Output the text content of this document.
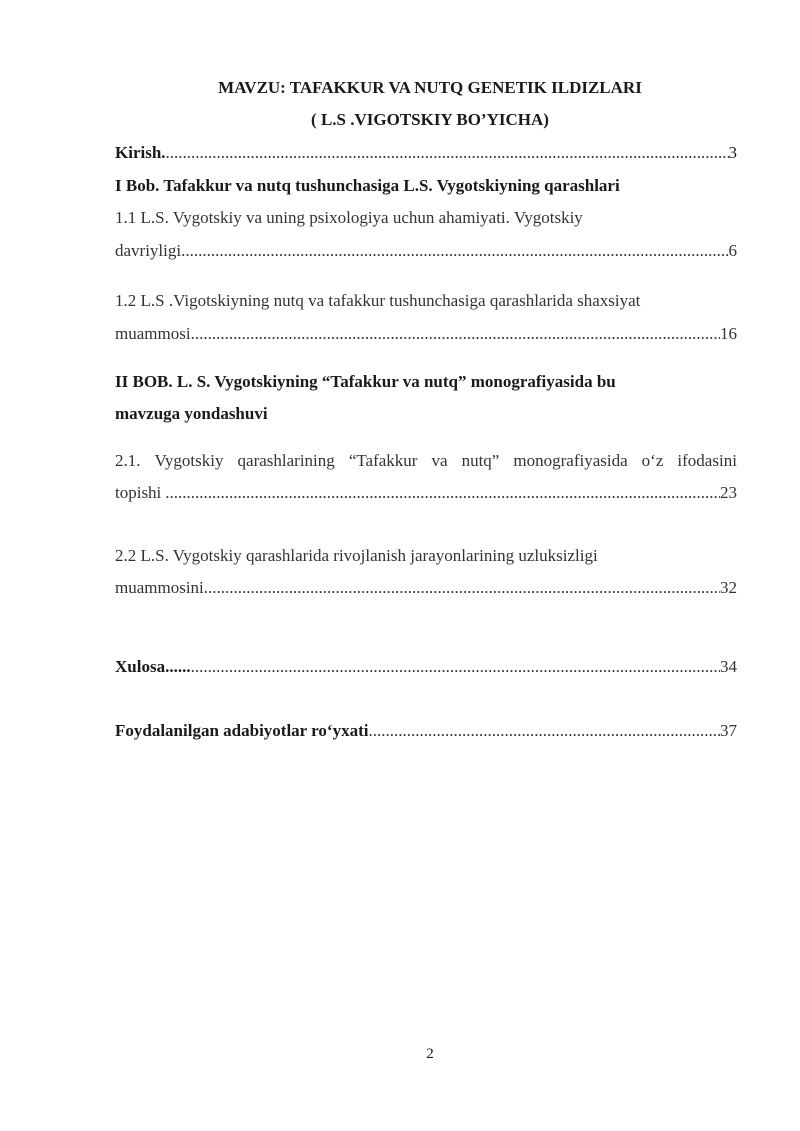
MAVZU: TAFAKKUR VA NUTQ GENETIK ILDIZLARI
( L.S .VIGOTSKIY BO’YICHA)
Kirish. .....	3
I Bob. Tafakkur va nutq tushunchasiga L.S. Vygotskiyning qarashlari
1.1 L.S. Vygotskiy va uning psixologiya uchun ahamiyati. Vygotskiy
davriyligi .....	6
1.2 L.S .Vigotskiyning nutq va tafakkur tushunchasiga qarashlarida shaxsiyat
muammosi .....	16
II BOB. L. S. Vygotskiyning “Tafakkur va nutq” monografiyasida bu
mavzuga yondashuvi
2.1. Vygotskiy qarashlarining “Tafakkur va nutq” monografiyasida o‘z ifodasini
topishi .....	23
2.2 L.S. Vygotskiy qarashlarida rivojlanish jarayonlarining uzluksizligi
muammosini. .....	32
Xulosa...... .....	34
Foydalanilgan adabiyotlar ro‘yxati .....	37
2
